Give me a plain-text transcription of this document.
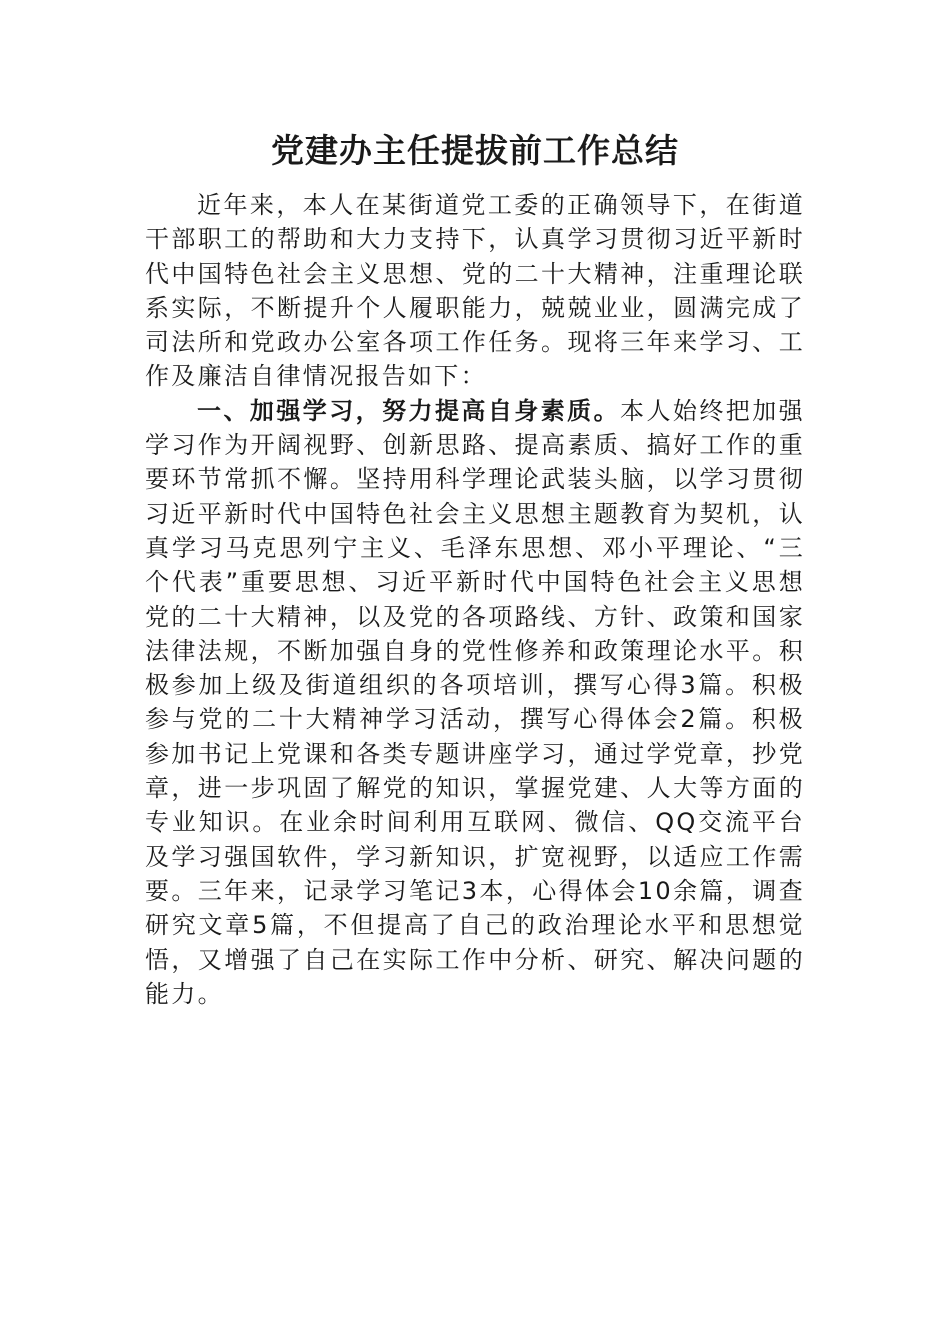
党建办主任提拔前工作总结

近年来，本人在某街道党工委的正确领导下，在街道干部职工的帮助和大力支持下，认真学习贯彻习近平新时代中国特色社会主义思想、党的二十大精神，注重理论联系实际，不断提升个人履职能力，兢兢业业，圆满完成了司法所和党政办公室各项工作任务。现将三年来学习、工作及廉洁自律情况报告如下：

一、加强学习，努力提高自身素质。本人始终把加强学习作为开阔视野、创新思路、提高素质、搞好工作的重要环节常抓不懈。坚持用科学理论武装头脑，以学习贯彻习近平新时代中国特色社会主义思想主题教育为契机，认真学习马克思列宁主义、毛泽东思想、邓小平理论、“三个代表”重要思想、习近平新时代中国特色社会主义思想党的二十大精神，以及党的各项路线、方针、政策和国家法律法规，不断加强自身的党性修养和政策理论水平。积极参加上级及街道组织的各项培训，撰写心得3篇。积极参与党的二十大精神学习活动，撰写心得体会2篇。积极参加书记上党课和各类专题讲座学习，通过学党章，抄党章，进一步巩固了解党的知识，掌握党建、人大等方面的专业知识。在业余时间利用互联网、微信、QQ交流平台及学习强国软件，学习新知识，扩宽视野，以适应工作需要。三年来，记录学习笔记3本，心得体会10余篇，调查研究文章5篇，不但提高了自己的政治理论水平和思想觉悟，又增强了自己在实际工作中分析、研究、解决问题的能力。
